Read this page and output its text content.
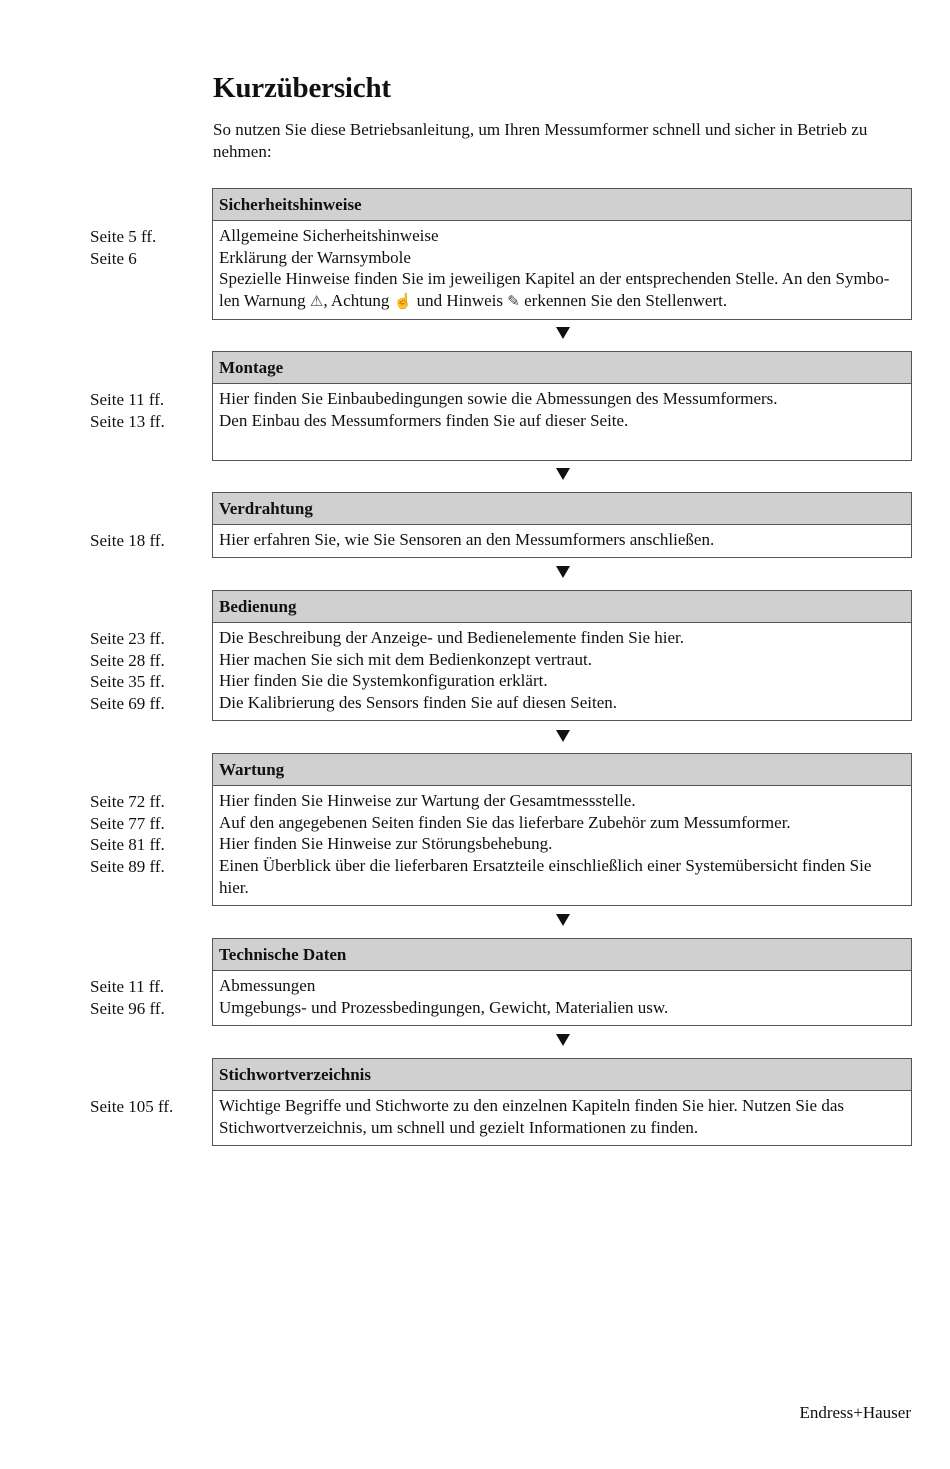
Kurzübersicht
So nutzen Sie diese Betriebsanleitung, um Ihren Messumformer schnell und sicher in Betrieb zu nehmen:
Sicherheitshinweise
Allgemeine Sicherheitshinweise
Erklärung der Warnsymbole
Spezielle Hinweise finden Sie im jeweiligen Kapitel an der entsprechenden Stelle. An den Symbo-
len Warnung ⚠, Achtung ☝ und Hinweis ✎ erkennen Sie den Stellenwert.
Seite 5 ff.
Seite 6
Montage
Hier finden Sie Einbaubedingungen sowie die Abmessungen des Messumformers.
Den Einbau des Messumformers finden Sie auf dieser Seite.
Seite 11 ff.
Seite 13 ff.
Verdrahtung
Hier erfahren Sie, wie Sie Sensoren an den Messumformers anschließen.
Seite 18 ff.
Bedienung
Die Beschreibung der Anzeige- und Bedienelemente finden Sie hier.
Hier machen Sie sich mit dem Bedienkonzept vertraut.
Hier finden Sie die Systemkonfiguration erklärt.
Die Kalibrierung des Sensors finden Sie auf diesen Seiten.
Seite 23 ff.
Seite 28 ff.
Seite 35 ff.
Seite 69 ff.
Wartung
Hier finden Sie Hinweise zur Wartung der Gesamtmessstelle.
Auf den angegebenen Seiten finden Sie das lieferbare Zubehör zum Messumformer.
Hier finden Sie Hinweise zur Störungsbehebung.
Einen Überblick über die lieferbaren Ersatzteile einschließlich einer Systemübersicht finden Sie
hier.
Seite 72 ff.
Seite 77 ff.
Seite 81 ff.
Seite 89 ff.
Technische Daten
Abmessungen
Umgebungs- und Prozessbedingungen, Gewicht, Materialien usw.
Seite 11 ff.
Seite 96 ff.
Stichwortverzeichnis
Wichtige Begriffe und Stichworte zu den einzelnen Kapiteln finden Sie hier. Nutzen Sie das
Stichwortverzeichnis, um schnell und gezielt Informationen zu finden.
Seite 105 ff.
Endress+Hauser
